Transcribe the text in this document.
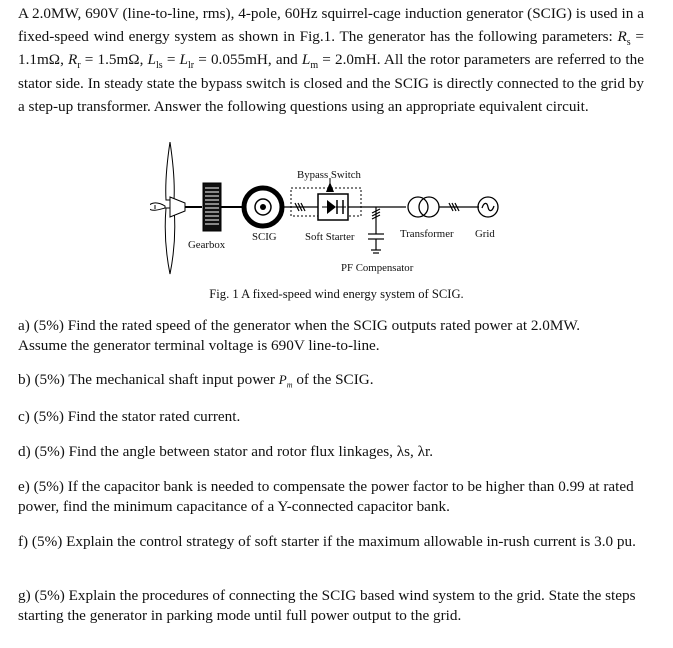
A 2.0MW, 690V (line-to-line, rms), 4-pole, 60Hz squirrel-cage induction generator (SCIG) is used in a fixed-speed wind energy system as shown in Fig.1. The generator has the following parameters: $R_s = 1.1m\Omega$, $R_r = 1.5m\Omega$, $L_{ls} = L_{lr} = 0.055mH$, and $L_m = 2.0mH$. All the rotor parameters are referred to the stator side. In steady state the bypass switch is closed and the SCIG is directly connected to the grid by a step-up transformer. Answer the following questions using an appropriate equivalent circuit.

Bypass Switch
Gearbox
SCIG	Soft Starter	Transformer Grid
PF Compensator
Fig. 1 A fixed-speed wind energy system of SCIG.

a) (5%) Find the rated speed of the generator when the SCIG outputs rated power at 2.0MW.
Assume the generator terminal voltage is 690V line-to-line.

b) (5%) The mechanical shaft input power $P_m$ of the SCIG.

c) (5%) Find the stator rated current.

d) (5%) Find the angle between stator and rotor flux linkages, λs, λr.

e) (5%) If the capacitor bank is needed to compensate the power factor to be higher than 0.99 at rated power, find the minimum capacitance of a Y-connected capacitor bank.

f) (5%) Explain the control strategy of soft starter if the maximum allowable in-rush current is 3.0 pu.

g) (5%) Explain the procedures of connecting the SCIG based wind system to the grid. State the steps starting the generator in parking mode until full power output to the grid.
